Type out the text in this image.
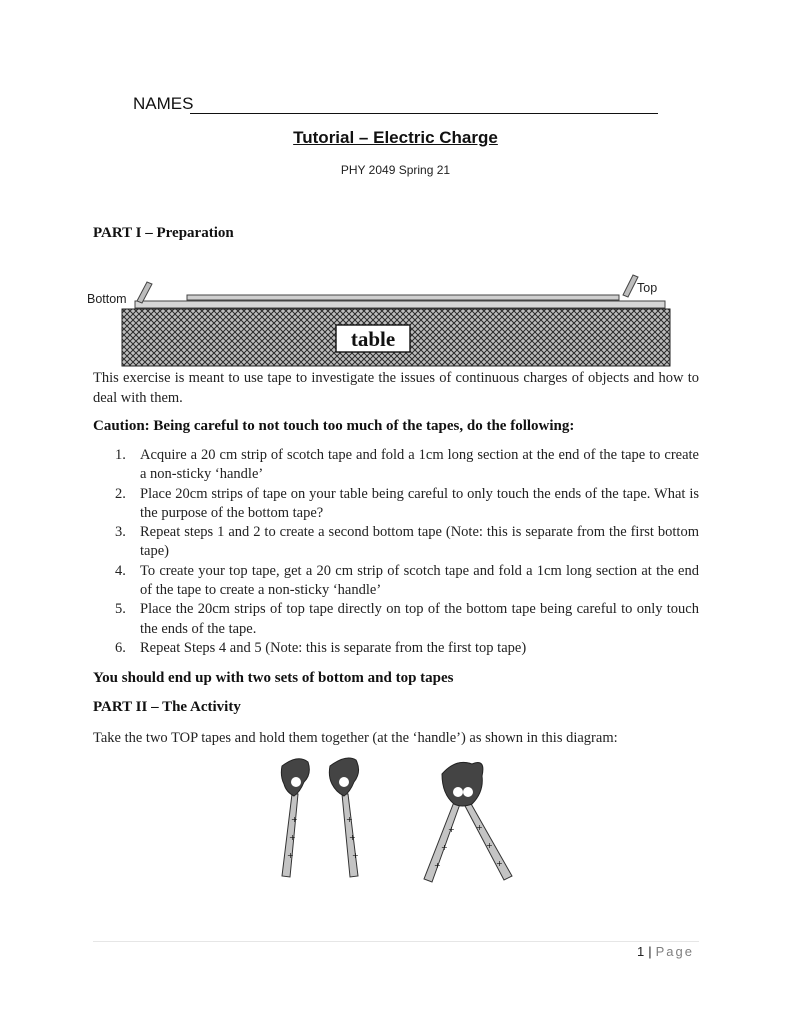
NAMES
Tutorial – Electric Charge
PHY 2049 Spring 21
PART I – Preparation
table
Bottom
Top
This exercise is meant to use tape to investigate the issues of continuous charges of objects and how to deal with them.
Caution: Being careful to not touch too much of the tapes, do the following:
1. Acquire a 20 cm strip of scotch tape and fold a 1cm long section at the end of the tape to create a non-sticky ‘handle’
2. Place 20cm strips of tape on your table being careful to only touch the ends of the tape. What is the purpose of the bottom tape?
3. Repeat steps 1 and 2 to create a second bottom tape (Note: this is separate from the first bottom tape)
4. To create your top tape, get a 20 cm strip of scotch tape and fold a 1cm long section at the end of the tape to create a non-sticky ‘handle’
5. Place the 20cm strips of top tape directly on top of the bottom tape being careful to only touch the ends of the tape.
6. Repeat Steps 4 and 5 (Note: this is separate from the first top tape)
You should end up with two sets of bottom and top tapes
PART II – The Activity
Take the two TOP tapes and hold them together (at the ‘handle’) as shown in this diagram:
+
+
+
+
+
+
+
+
+
+
+
+
1 | Page
